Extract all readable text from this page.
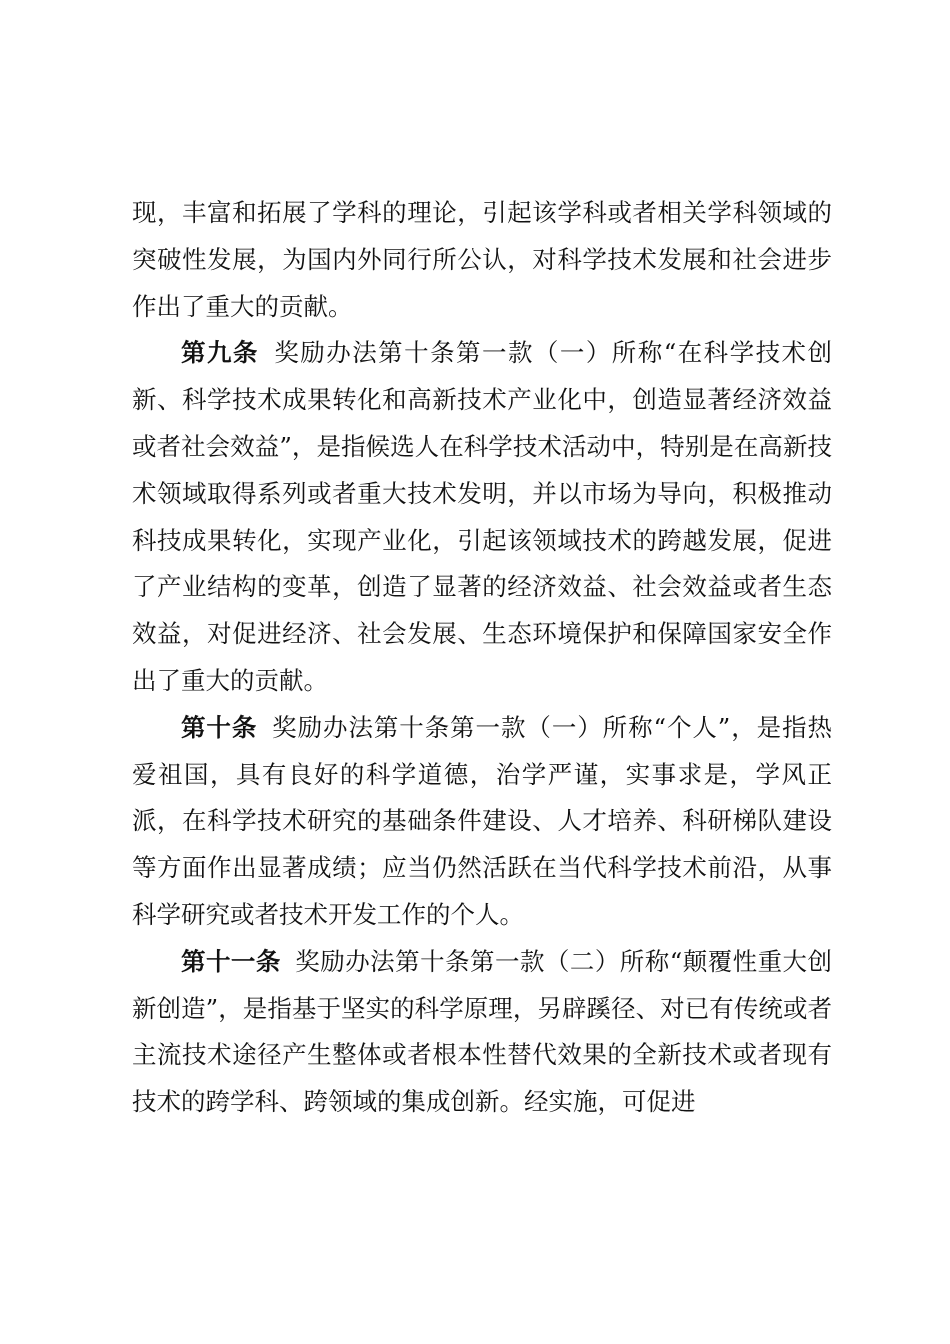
现，丰富和拓展了学科的理论，引起该学科或者相关学科领域的突破性发展，为国内外同行所公认，对科学技术发展和社会进步作出了重大的贡献。

第九条 奖励办法第十条第一款（一）所称“在科学技术创新、科学技术成果转化和高新技术产业化中，创造显著经济效益或者社会效益”，是指候选人在科学技术活动中，特别是在高新技术领域取得系列或者重大技术发明，并以市场为导向，积极推动科技成果转化，实现产业化，引起该领域技术的跨越发展，促进了产业结构的变革，创造了显著的经济效益、社会效益或者生态效益，对促进经济、社会发展、生态环境保护和保障国家安全作出了重大的贡献。

第十条 奖励办法第十条第一款（一）所称“个人”，是指热爱祖国，具有良好的科学道德，治学严谨，实事求是，学风正派，在科学技术研究的基础条件建设、人才培养、科研梯队建设等方面作出显著成绩；应当仍然活跃在当代科学技术前沿，从事科学研究或者技术开发工作的个人。

第十一条 奖励办法第十条第一款（二）所称“颠覆性重大创新创造”，是指基于坚实的科学原理，另辟蹊径、对已有传统或者主流技术途径产生整体或者根本性替代效果的全新技术或者现有技术的跨学科、跨领域的集成创新。经实施，可促进
